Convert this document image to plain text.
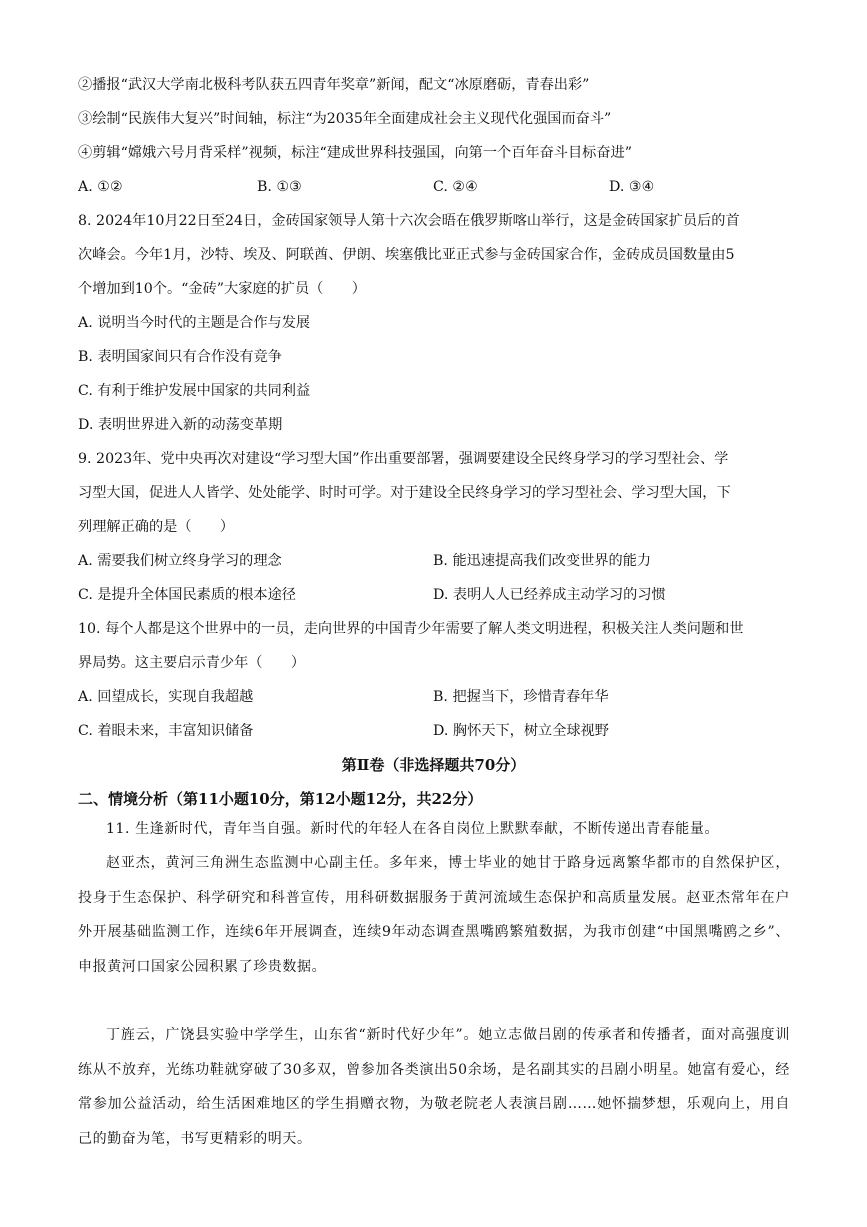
②播报“武汉大学南北极科考队获五四青年奖章”新闻，配文“冰原磨砺，青春出彩”
③绘制“民族伟大复兴”时间轴，标注“为2035年全面建成社会主义现代化强国而奋斗”
④剪辑“嫦娥六号月背采样”视频，标注“建成世界科技强国，向第一个百年奋斗目标奋进”
A. ①②	B. ①③	C. ②④	D. ③④
8. 2024年10月22日至24日，金砖国家领导人第十六次会晤在俄罗斯喀山举行，这是金砖国家扩员后的首
次峰会。今年1月，沙特、埃及、阿联酋、伊朗、埃塞俄比亚正式参与金砖国家合作，金砖成员国数量由5
个增加到10个。“金砖”大家庭的扩员（　　）
A. 说明当今时代的主题是合作与发展
B. 表明国家间只有合作没有竞争
C. 有利于维护发展中国家的共同利益
D. 表明世界进入新的动荡变革期
9. 2023年、党中央再次对建设“学习型大国”作出重要部署，强调要建设全民终身学习的学习型社会、学
习型大国，促进人人皆学、处处能学、时时可学。对于建设全民终身学习的学习型社会、学习型大国，下
列理解正确的是（　　）
A. 需要我们树立终身学习的理念	B. 能迅速提高我们改变世界的能力
C. 是提升全体国民素质的根本途径	D. 表明人人已经养成主动学习的习惯
10. 每个人都是这个世界中的一员，走向世界的中国青少年需要了解人类文明进程，积极关注人类问题和世
界局势。这主要启示青少年（　　）
A. 回望成长，实现自我超越	B. 把握当下，珍惜青春年华
C. 着眼未来，丰富知识储备	D. 胸怀天下，树立全球视野
第Ⅱ卷（非选择题共70分）
二、情境分析（第11小题10分，第12小题12分，共22分）
11. 生逢新时代，青年当自强。新时代的年轻人在各自岗位上默默奉献，不断传递出青春能量。
赵亚杰，黄河三角洲生态监测中心副主任。多年来，博士毕业的她甘于路身远离繁华都市的自然保护区，投身于生态保护、科学研究和科普宣传，用科研数据服务于黄河流域生态保护和高质量发展。赵亚杰常年在户外开展基础监测工作，连续6年开展调查，连续9年动态调查黑嘴鸥繁殖数据，为我市创建“中国黑嘴鸥之乡”、申报黄河口国家公园积累了珍贵数据。
丁旌云，广饶县实验中学学生，山东省“新时代好少年”。她立志做吕剧的传承者和传播者，面对高强度训练从不放弃，光练功鞋就穿破了30多双，曾参加各类演出50余场，是名副其实的吕剧小明星。她富有爱心，经常参加公益活动，给生活困难地区的学生捐赠衣物，为敬老院老人表演吕剧……她怀揣梦想，乐观向上，用自己的勤奋为笔，书写更精彩的明天。
